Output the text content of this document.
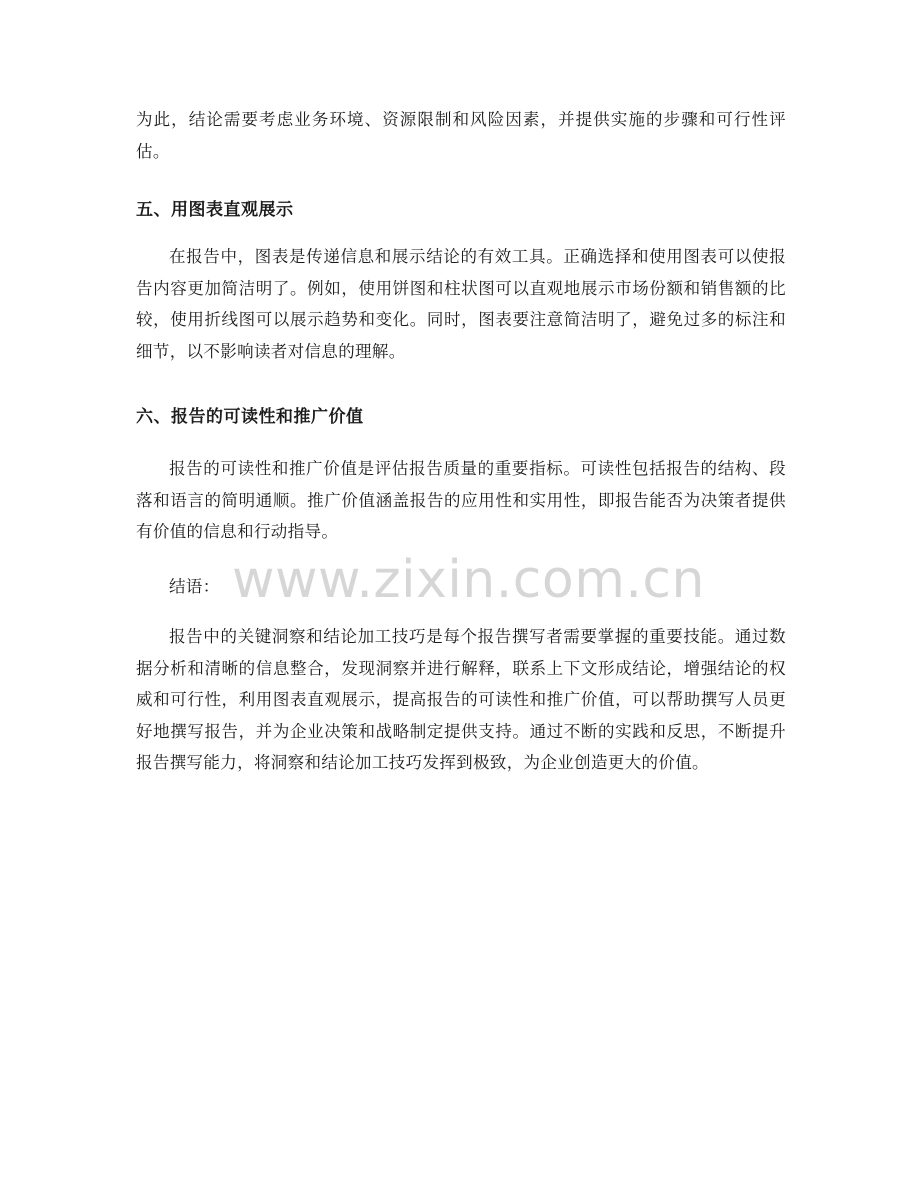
为此，结论需要考虑业务环境、资源限制和风险因素，并提供实施的步骤和可行性评估。

五、用图表直观展示

在报告中，图表是传递信息和展示结论的有效工具。正确选择和使用图表可以使报告内容更加简洁明了。例如，使用饼图和柱状图可以直观地展示市场份额和销售额的比较，使用折线图可以展示趋势和变化。同时，图表要注意简洁明了，避免过多的标注和细节，以不影响读者对信息的理解。

六、报告的可读性和推广价值

报告的可读性和推广价值是评估报告质量的重要指标。可读性包括报告的结构、段落和语言的简明通顺。推广价值涵盖报告的应用性和实用性，即报告能否为决策者提供有价值的信息和行动指导。

结语：

报告中的关键洞察和结论加工技巧是每个报告撰写者需要掌握的重要技能。通过数据分析和清晰的信息整合，发现洞察并进行解释，联系上下文形成结论，增强结论的权威和可行性，利用图表直观展示，提高报告的可读性和推广价值，可以帮助撰写人员更好地撰写报告，并为企业决策和战略制定提供支持。通过不断的实践和反思，不断提升报告撰写能力，将洞察和结论加工技巧发挥到极致，为企业创造更大的价值。

www.zixin.com.cn
